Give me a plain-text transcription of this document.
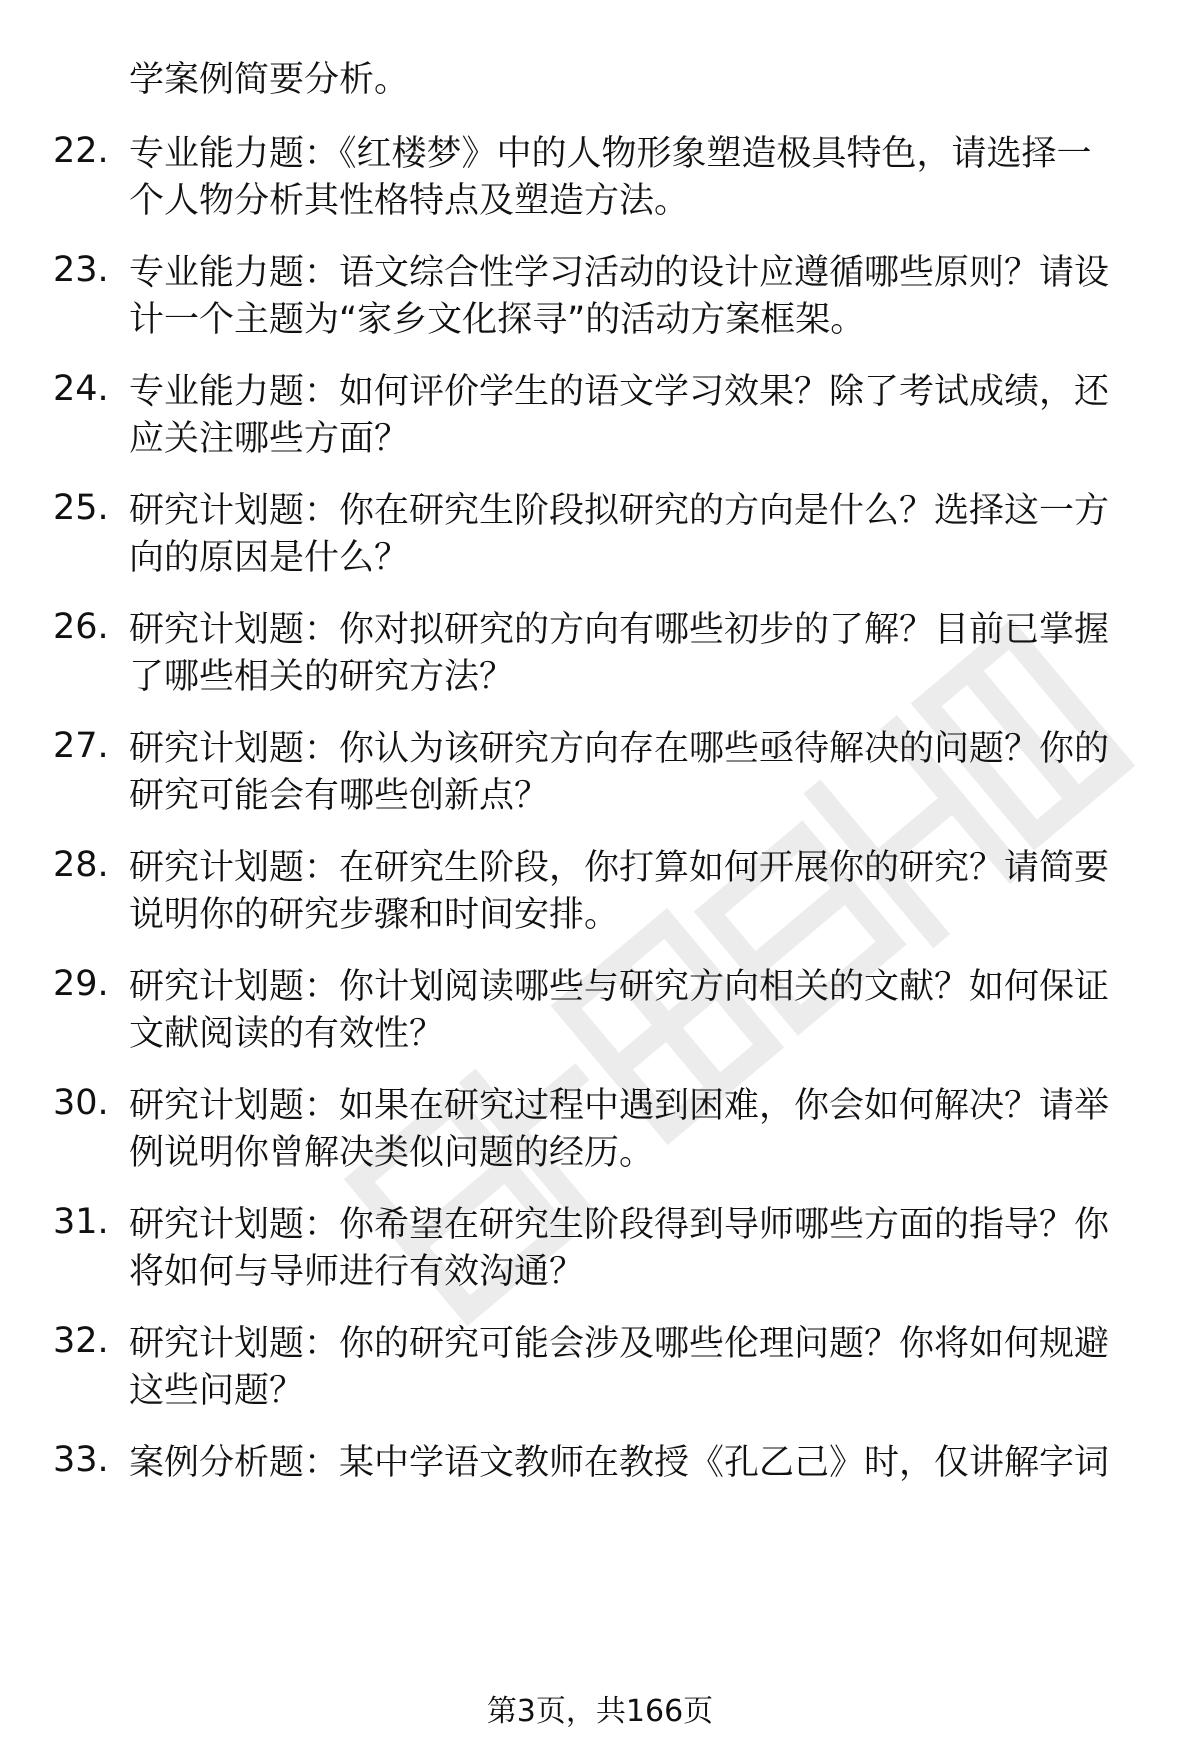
学案例简要分析。
22. 专业能力题：《红楼梦》中的人物形象塑造极具特色，请选择一
个人物分析其性格特点及塑造方法。
23. 专业能力题：语文综合性学习活动的设计应遵循哪些原则？请设
计一个主题为“家乡文化探寻”的活动方案框架。
24. 专业能力题：如何评价学生的语文学习效果？除了考试成绩，还
应关注哪些方面？
25. 研究计划题：你在研究生阶段拟研究的方向是什么？选择这一方
向的原因是什么？
26. 研究计划题：你对拟研究的方向有哪些初步的了解？目前已掌握
了哪些相关的研究方法？
27. 研究计划题：你认为该研究方向存在哪些亟待解决的问题？你的
研究可能会有哪些创新点？
28. 研究计划题：在研究生阶段，你打算如何开展你的研究？请简要
说明你的研究步骤和时间安排。
29. 研究计划题：你计划阅读哪些与研究方向相关的文献？如何保证
文献阅读的有效性？
30. 研究计划题：如果在研究过程中遇到困难，你会如何解决？请举
例说明你曾解决类似问题的经历。
31. 研究计划题：你希望在研究生阶段得到导师哪些方面的指导？你
将如何与导师进行有效沟通？
32. 研究计划题：你的研究可能会涉及哪些伦理问题？你将如何规避
这些问题？
33. 案例分析题：某中学语文教师在教授《孔乙己》时，仅讲解字词
第3页，共166页
